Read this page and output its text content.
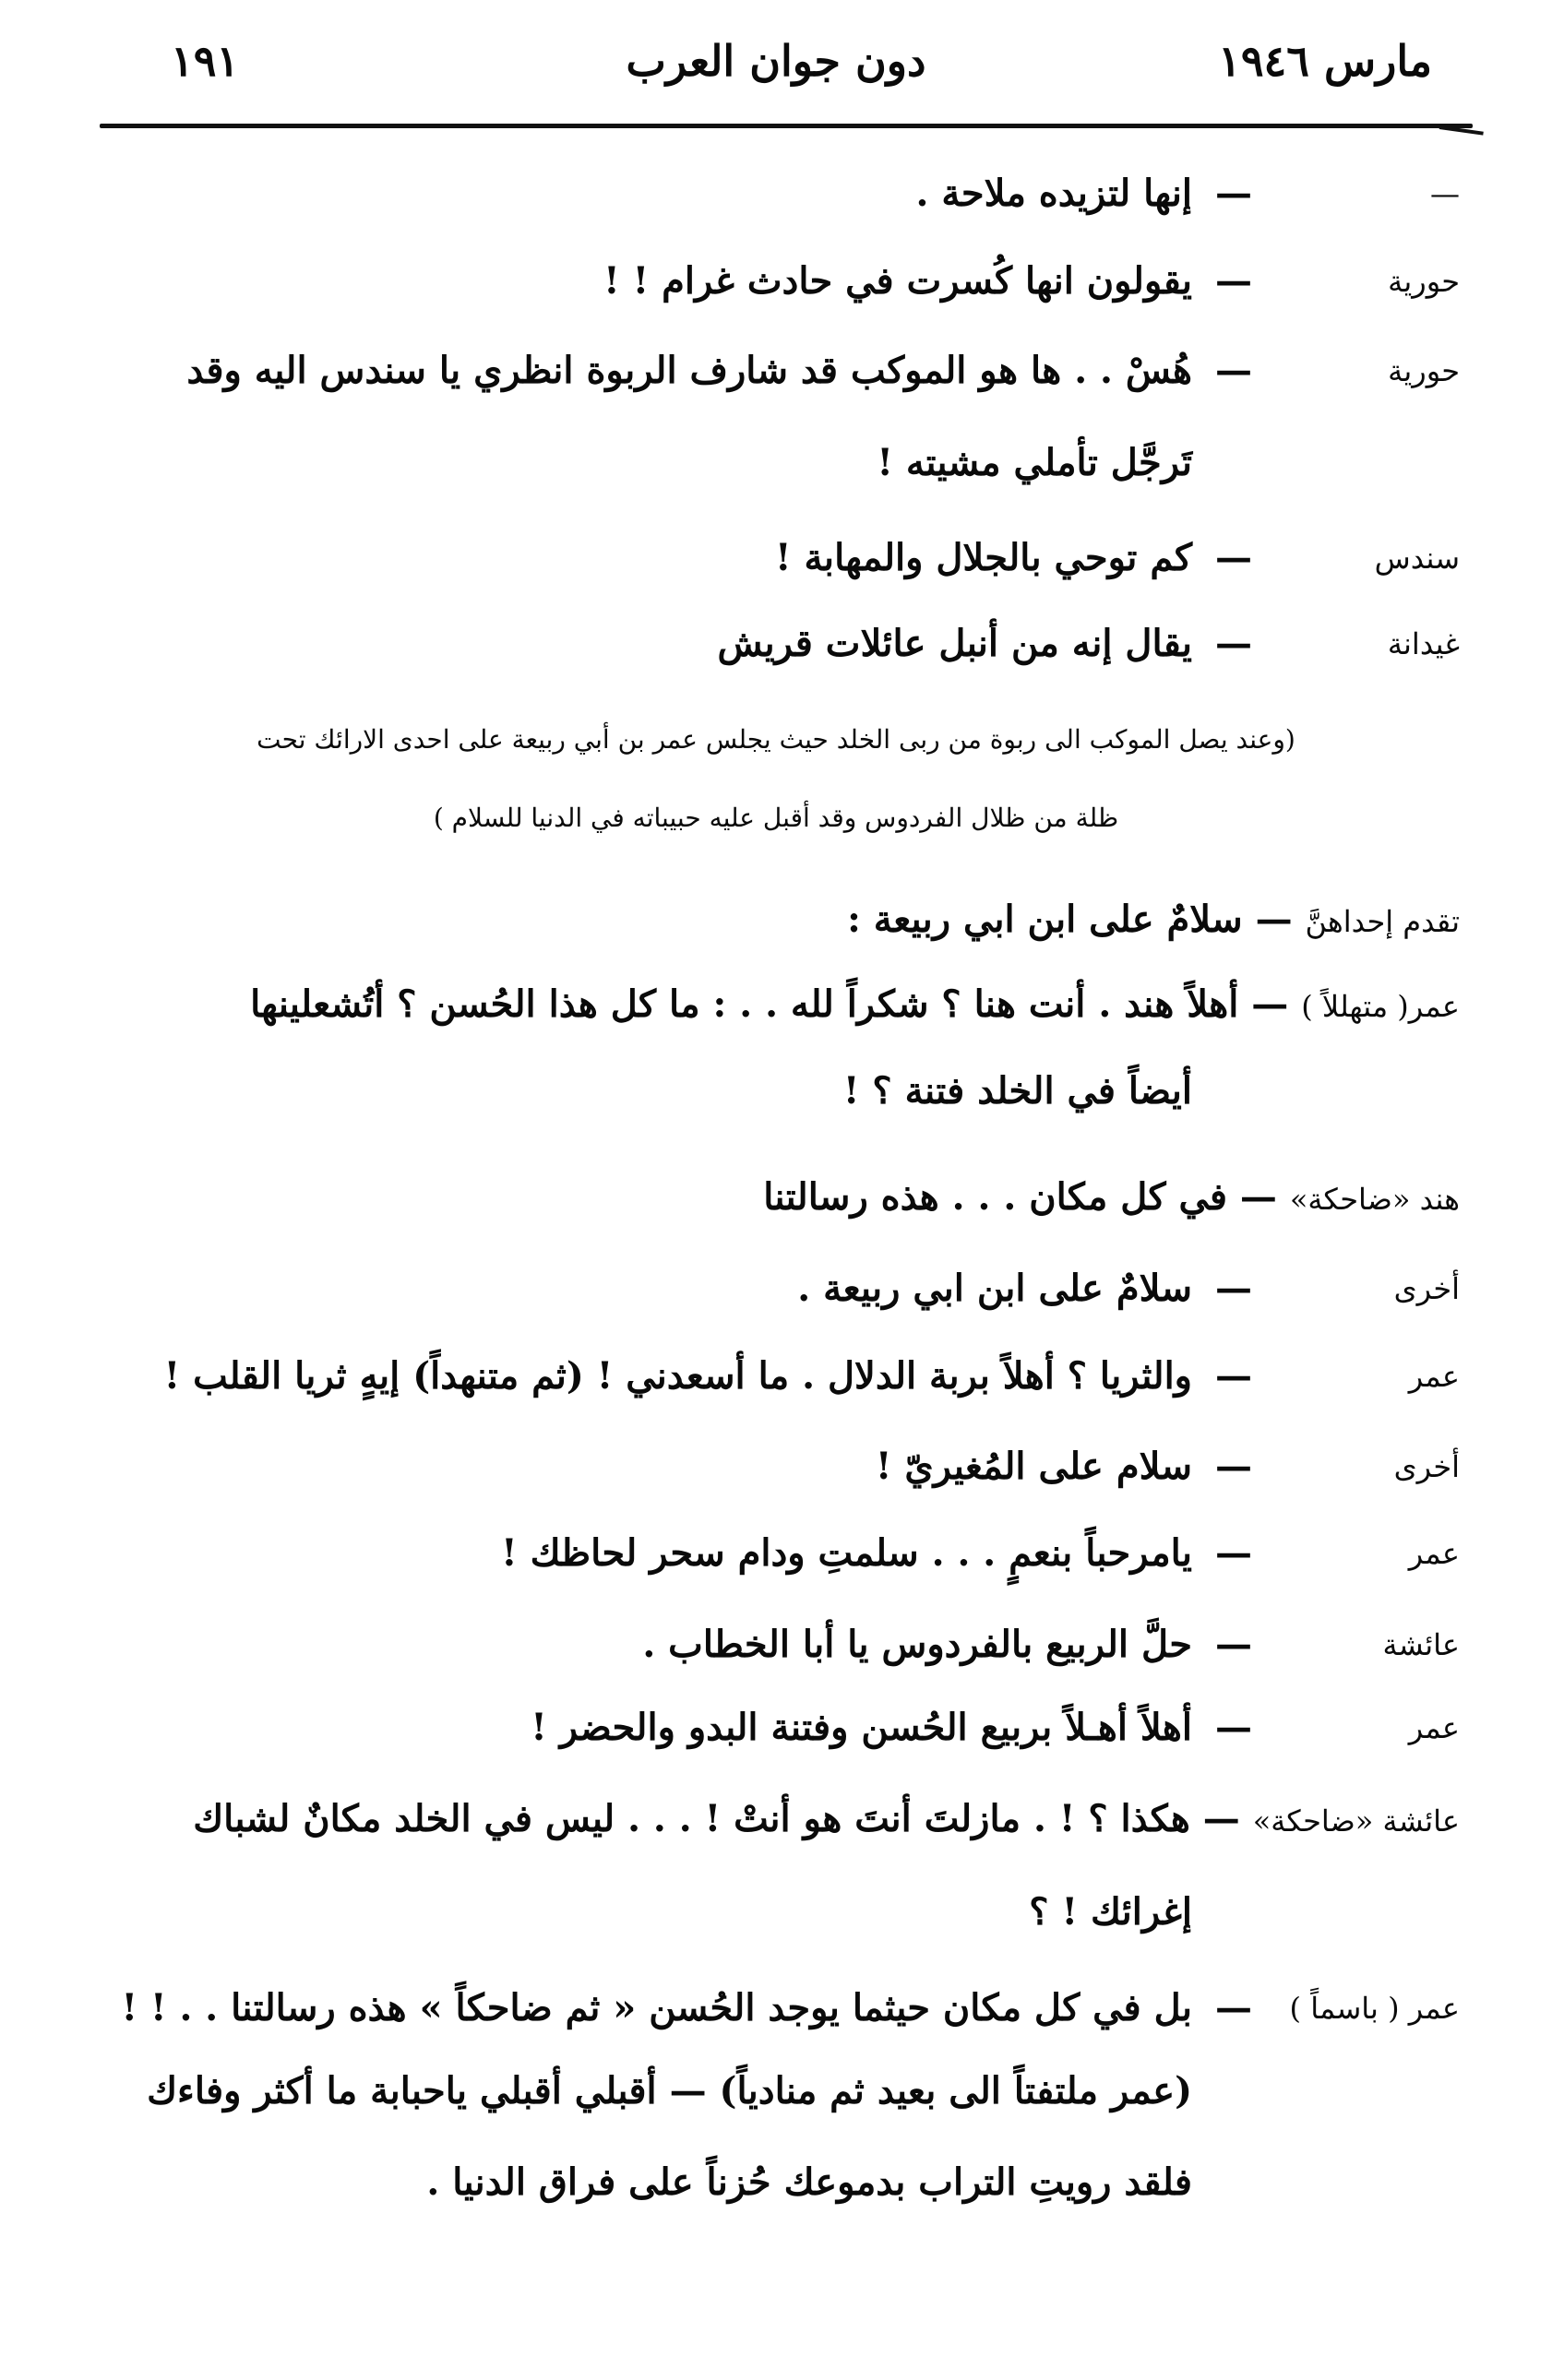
مارس ١٩٤٦
دون جوان العرب
١٩١
—
—
إنها لتزيده ملاحة .
حورية
—
يقولون انها كُسرت في حادث غرام ! !
حورية
—
هُسْ . . ها هو الموكب قد شارف الربوة انظري يا سندس اليه وقد
تَرجَّل تأملي مشيته !
سندس
—
كم توحي بالجلال والمهابة !
غيدانة
—
يقال إنه من أنبل عائلات قريش
(وعند يصل الموكب الى ربوة من ربى الخلد حيث يجلس عمر بن أبي ربيعة على احدى الارائك تحت
ظلة من ظلال الفردوس وقد أقبل عليه حبيباته في الدنيا للسلام )
تقدم إحداهنَّ — سلامٌ على ابن ابي ربيعة :
عمر( متهللاً ) — أهلاً هند . أنت هنا ؟ شكراً لله . . : ما كل هذا الحُسن ؟ أتُشعلينها
أيضاً في الخلد فتنة ؟ !
هند «ضاحكة» — في كل مكان . . . هذه رسالتنا
أخرى
—
سلامٌ على ابن ابي ربيعة .
عمر
—
والثريا ؟ أهلاً بربة الدلال . ما أسعدني ! (ثم متنهداً) إيهٍ ثريا القلب !
أخرى
—
سلام على المُغيريّ !
عمر
—
يامرحباً بنعمٍ . . . سلمتِ ودام سحر لحاظك !
عائشة
—
حلَّ الربيع بالفردوس يا أبا الخطاب .
عمر
—
أهلاً أهـلاً بربيع الحُسن وفتنة البدو والحضر !
عائشة «ضاحكة» — هكذا ؟ ! . مازلتَ أنتَ هو أنتْ ! . . . ليس في الخلد مكانٌ لشباك
إغرائك ! ؟
عمر ( باسماً )
—
بل في كل مكان حيثما يوجد الحُسن « ثم ضاحكاً » هذه رسالتنا . . ! !
(عمر ملتفتاً الى بعيد ثم منادياً) — أقبلي أقبلي ياحبابة ما أكثر وفاءك
فلقد رويتِ التراب بدموعك حُزناً على فراق الدنيا .
